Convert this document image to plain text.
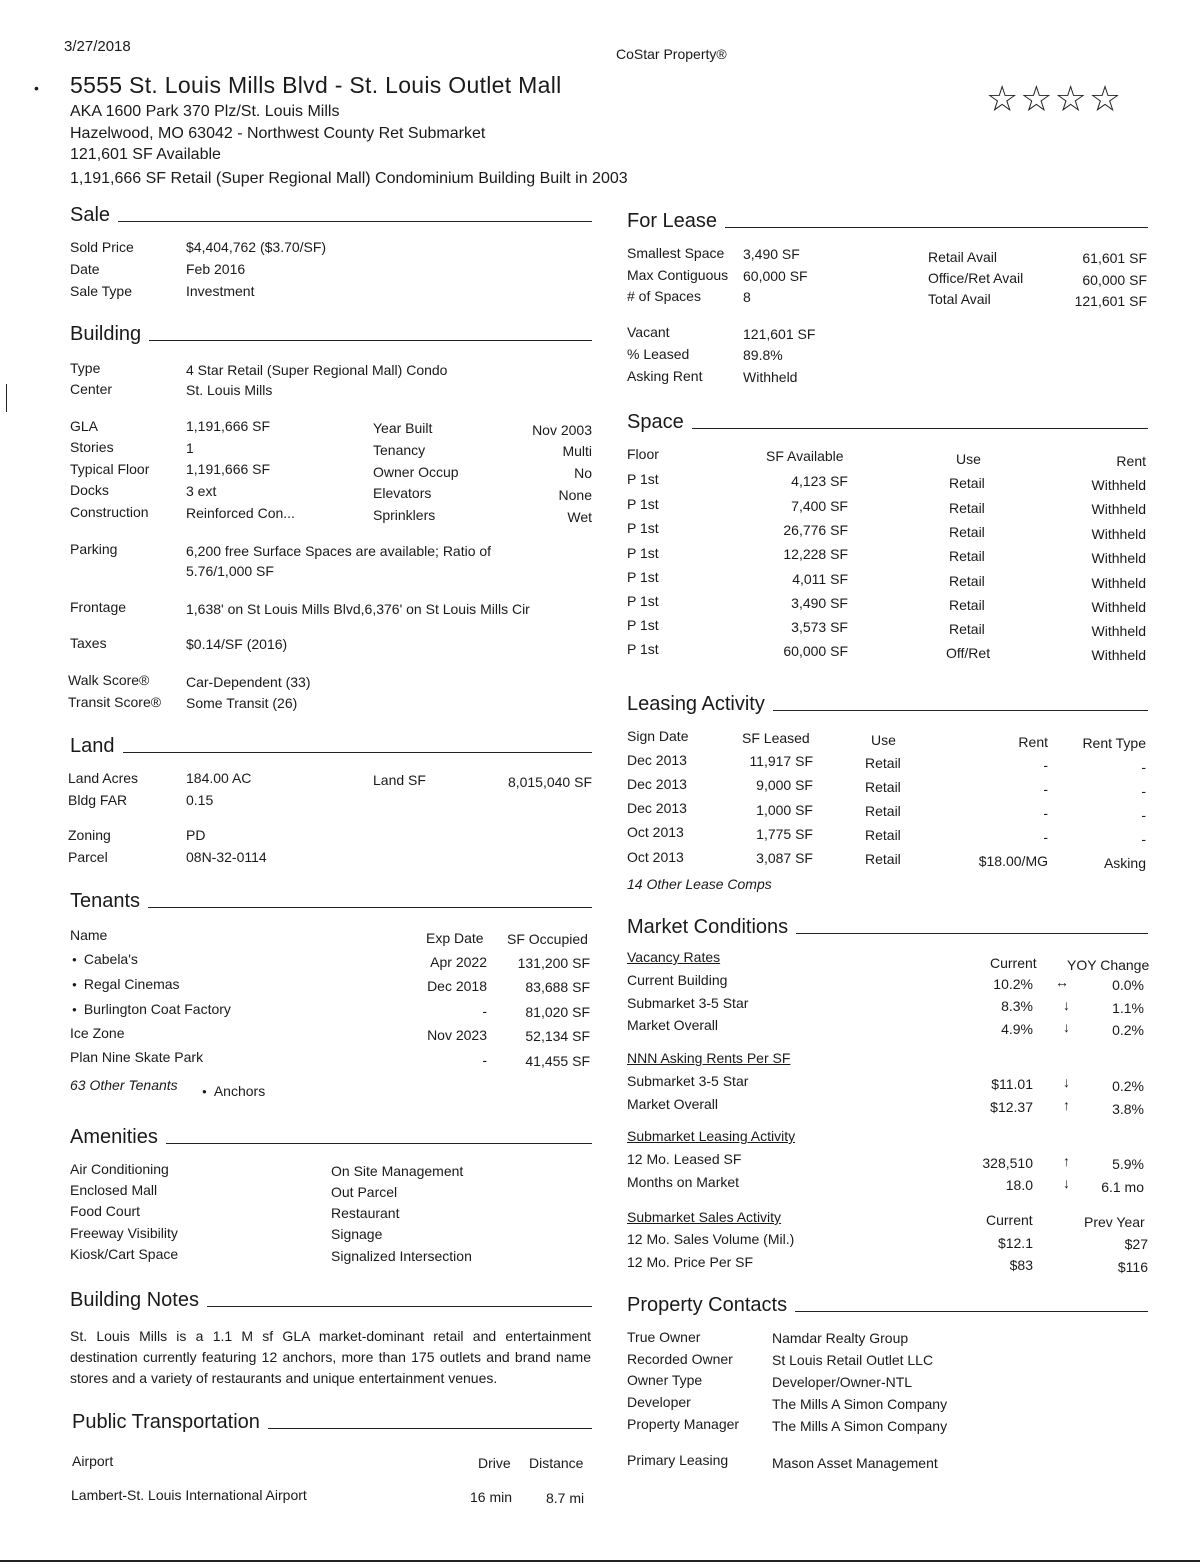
3/27/2018	CoStar Property®
• 5555 St. Louis Mills Blvd - St. Louis Outlet Mall	☆☆☆☆
AKA 1600 Park 370 Plz/St. Louis Mills
Hazelwood, MO 63042 - Northwest County Ret Submarket
121,601 SF Available
1,191,666 SF Retail (Super Regional Mall) Condominium Building Built in 2003
Sale
Sold Price	$4,404,762 ($3.70/SF)
Date	Feb 2016
Sale Type	Investment
Building
Type	4 Star Retail (Super Regional Mall) Condo
Center	St. Louis Mills
GLA	1,191,666 SF
Stories	1
Typical Floor	1,191,666 SF
Docks	3 ext
Construction	Reinforced Con...
Year Built	Nov 2003
Tenancy	Multi
Owner Occup	No
Elevators	None
Sprinklers	Wet
Parking	6,200 free Surface Spaces are available; Ratio of
5.76/1,000 SF
Frontage	1,638' on St Louis Mills Blvd,6,376' on St Louis Mills Cir
Taxes	$0.14/SF (2016)
Walk Score®	Car-Dependent (33)
Transit Score® Some Transit (26)
Land
Land Acres	184.00 AC	Land SF	8,015,040 SF
Bldg FAR	0.15
Zoning	PD
Parcel	08N-32-0114
Tenants
Name	Exp Date SF Occupied
● Cabela's	Apr 2022	131,200 SF
● Regal Cinemas	Dec 2018	83,688 SF
● Burlington Coat Factory	-	81,020 SF
Ice Zone	Nov 2023	52,134 SF
Plan Nine Skate Park	-	41,455 SF
63 Other Tenants
●	Anchors
Amenities
Air Conditioning
Enclosed Mall
Food Court
Freeway Visibility
Kiosk/Cart Space
On Site Management
Out Parcel
Restaurant
Signage
Signalized Intersection
Building Notes
St. Louis Mills is a 1.1 M sf GLA market-dominant retail and entertainment destination currently featuring 12 anchors, more than 175 outlets and brand name stores and a variety of restaurants and unique entertainment venues.
Public Transportation
Airport	Drive Distance
Lambert-St. Louis International Airport	16 min 8.7 mi
For Lease
Smallest Space 3,490 SF
Max Contiguous 60,000 SF
# of Spaces	8
Retail Avail	61,601 SF
Office/Ret Avail	60,000 SF
Total Avail	121,601 SF
Vacant	121,601 SF
% Leased	89.8%
Asking Rent	Withheld
Space
Floor	SF Available	Use	Rent
P 1st	4,123 SF	Retail	Withheld
P 1st	7,400 SF	Retail	Withheld
P 1st	26,776 SF	Retail	Withheld
P 1st	12,228 SF	Retail	Withheld
P 1st	4,011 SF	Retail	Withheld
P 1st	3,490 SF	Retail	Withheld
P 1st	3,573 SF	Retail	Withheld
P 1st	60,000 SF	Off/Ret	Withheld
Leasing Activity
Sign Date	SF Leased	Use	Rent	Rent Type
Dec 2013	11,917 SF	Retail	-	-
Dec 2013	9,000 SF	Retail	-	-
Dec 2013	1,000 SF	Retail	-	-
Oct 2013	1,775 SF	Retail	-	-
Oct 2013	3,087 SF	Retail	$18.00/MG	Asking
14 Other Lease Comps
Market Conditions
Vacancy Rates	Current YOY Change
Current Building	10.2% ↔	0.0%
Submarket 3-5 Star	8.3% ↓	1.1%
Market Overall	4.9% ↓	0.2%
NNN Asking Rents Per SF
Submarket 3-5 Star	$11.01 ↓	0.2%
Market Overall	$12.37 ↑	3.8%
Submarket Leasing Activity
12 Mo. Leased SF	328,510 ↑	5.9%
Months on Market	18.0 ↓	6.1 mo
Submarket Sales Activity	Current	Prev Year
12 Mo. Sales Volume (Mil.)	$12.1	$27
12 Mo. Price Per SF	$83	$116
Property Contacts
True Owner	Namdar Realty Group
Recorded Owner	St Louis Retail Outlet LLC
Owner Type	Developer/Owner-NTL
Developer	The Mills A Simon Company
Property Manager The Mills A Simon Company
Primary Leasing	Mason Asset Management
